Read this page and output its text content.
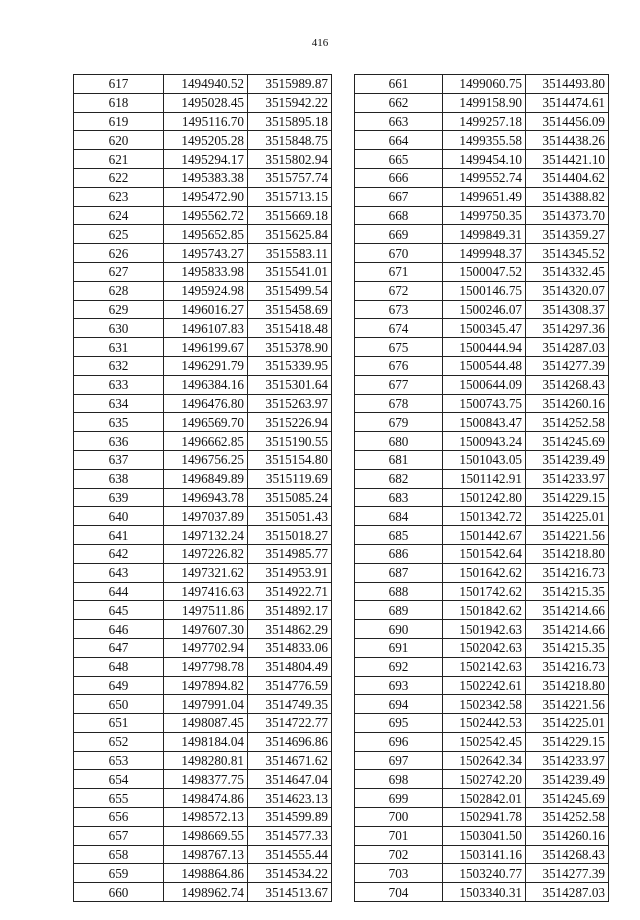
416
617	1494940.52	3515989.87
618	1495028.45	3515942.22
619	1495116.70	3515895.18
620	1495205.28	3515848.75
621	1495294.17	3515802.94
622	1495383.38	3515757.74
623	1495472.90	3515713.15
624	1495562.72	3515669.18
625	1495652.85	3515625.84
626	1495743.27	3515583.11
627	1495833.98	3515541.01
628	1495924.98	3515499.54
629	1496016.27	3515458.69
630	1496107.83	3515418.48
631	1496199.67	3515378.90
632	1496291.79	3515339.95
633	1496384.16	3515301.64
634	1496476.80	3515263.97
635	1496569.70	3515226.94
636	1496662.85	3515190.55
637	1496756.25	3515154.80
638	1496849.89	3515119.69
639	1496943.78	3515085.24
640	1497037.89	3515051.43
641	1497132.24	3515018.27
642	1497226.82	3514985.77
643	1497321.62	3514953.91
644	1497416.63	3514922.71
645	1497511.86	3514892.17
646	1497607.30	3514862.29
647	1497702.94	3514833.06
648	1497798.78	3514804.49
649	1497894.82	3514776.59
650	1497991.04	3514749.35
651	1498087.45	3514722.77
652	1498184.04	3514696.86
653	1498280.81	3514671.62
654	1498377.75	3514647.04
655	1498474.86	3514623.13
656	1498572.13	3514599.89
657	1498669.55	3514577.33
658	1498767.13	3514555.44
659	1498864.86	3514534.22
660	1498962.74	3514513.67
661	1499060.75	3514493.80
662	1499158.90	3514474.61
663	1499257.18	3514456.09
664	1499355.58	3514438.26
665	1499454.10	3514421.10
666	1499552.74	3514404.62
667	1499651.49	3514388.82
668	1499750.35	3514373.70
669	1499849.31	3514359.27
670	1499948.37	3514345.52
671	1500047.52	3514332.45
672	1500146.75	3514320.07
673	1500246.07	3514308.37
674	1500345.47	3514297.36
675	1500444.94	3514287.03
676	1500544.48	3514277.39
677	1500644.09	3514268.43
678	1500743.75	3514260.16
679	1500843.47	3514252.58
680	1500943.24	3514245.69
681	1501043.05	3514239.49
682	1501142.91	3514233.97
683	1501242.80	3514229.15
684	1501342.72	3514225.01
685	1501442.67	3514221.56
686	1501542.64	3514218.80
687	1501642.62	3514216.73
688	1501742.62	3514215.35
689	1501842.62	3514214.66
690	1501942.63	3514214.66
691	1502042.63	3514215.35
692	1502142.63	3514216.73
693	1502242.61	3514218.80
694	1502342.58	3514221.56
695	1502442.53	3514225.01
696	1502542.45	3514229.15
697	1502642.34	3514233.97
698	1502742.20	3514239.49
699	1502842.01	3514245.69
700	1502941.78	3514252.58
701	1503041.50	3514260.16
702	1503141.16	3514268.43
703	1503240.77	3514277.39
704	1503340.31	3514287.03
